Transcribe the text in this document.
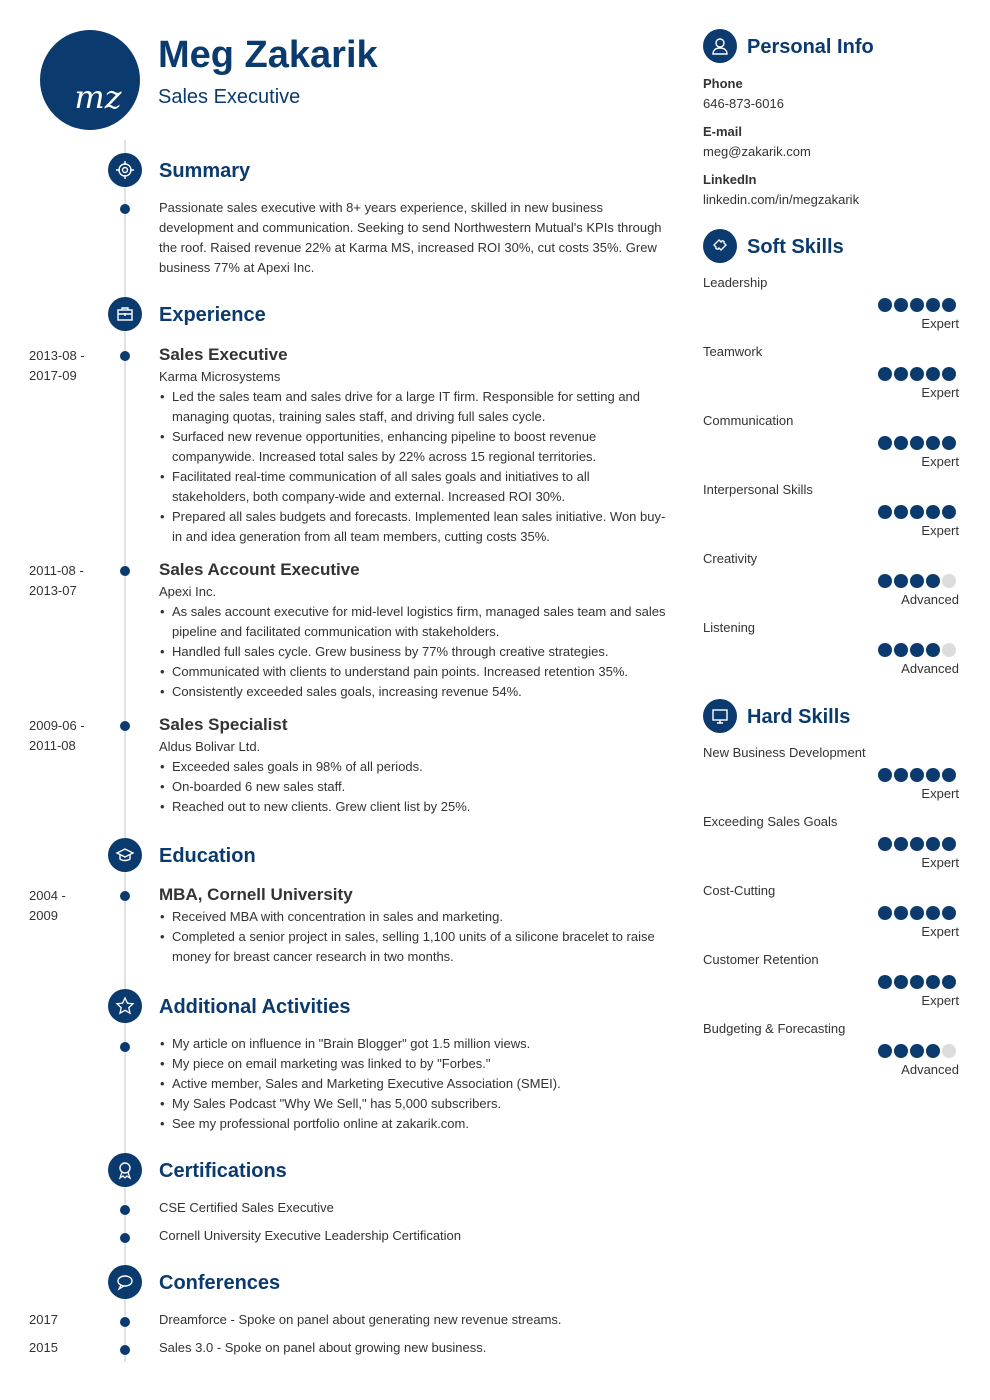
mz
Meg Zakarik
Sales Executive
Summary
Passionate sales executive with 8+ years experience, skilled in new business development and communication. Seeking to send Northwestern Mutual's KPIs through the roof. Raised revenue 22% at Karma MS, increased ROI 30%, cut costs 35%. Grew business 77% at Apexi Inc.
Experience
2013-08 -
2017-09
Sales Executive
Karma Microsystems
• Led the sales team and sales drive for a large IT firm. Responsible for setting and managing quotas, training sales staff, and driving full sales cycle.
• Surfaced new revenue opportunities, enhancing pipeline to boost revenue companywide. Increased total sales by 22% across 15 regional territories.
• Facilitated real-time communication of all sales goals and initiatives to all stakeholders, both company-wide and external. Increased ROI 30%.
• Prepared all sales budgets and forecasts. Implemented lean sales initiative. Won buy-in and idea generation from all team members, cutting costs 35%.
2011-08 -
2013-07
Sales Account Executive
Apexi Inc.
• As sales account executive for mid-level logistics firm, managed sales team and sales pipeline and facilitated communication with stakeholders.
• Handled full sales cycle. Grew business by 77% through creative strategies.
• Communicated with clients to understand pain points. Increased retention 35%.
• Consistently exceeded sales goals, increasing revenue 54%.
2009-06 -
2011-08
Sales Specialist
Aldus Bolivar Ltd.
• Exceeded sales goals in 98% of all periods.
• On-boarded 6 new sales staff.
• Reached out to new clients. Grew client list by 25%.
Education
2004 -
2009
MBA, Cornell University
• Received MBA with concentration in sales and marketing.
• Completed a senior project in sales, selling 1,100 units of a silicone bracelet to raise money for breast cancer research in two months.
Additional Activities
• My article on influence in "Brain Blogger" got 1.5 million views.
• My piece on email marketing was linked to by "Forbes."
• Active member, Sales and Marketing Executive Association (SMEI).
• My Sales Podcast "Why We Sell," has 5,000 subscribers.
• See my professional portfolio online at zakarik.com.
Certifications
CSE Certified Sales Executive
Cornell University Executive Leadership Certification
Conferences
2017	Dreamforce - Spoke on panel about generating new revenue streams.
2015	Sales 3.0 - Spoke on panel about growing new business.
Personal Info
Phone
646-873-6016
E-mail
meg@zakarik.com
LinkedIn
linkedin.com/in/megzakarik
Soft Skills
Leadership
Expert
Teamwork
Expert
Communication
Expert
Interpersonal Skills
Expert
Creativity
Advanced
Listening
Advanced
Hard Skills
New Business Development
Expert
Exceeding Sales Goals
Expert
Cost-Cutting
Expert
Customer Retention
Expert
Budgeting & Forecasting
Advanced
